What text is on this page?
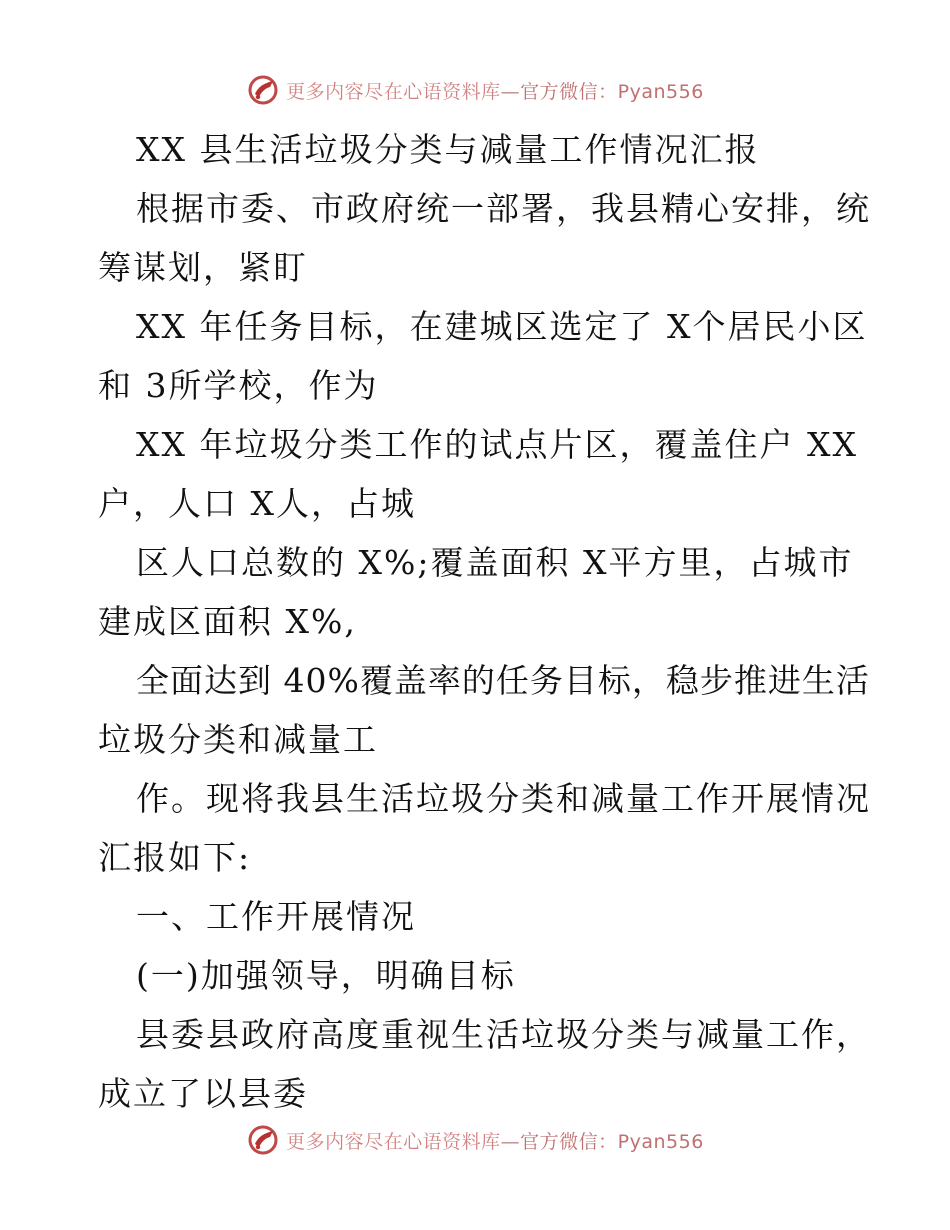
更多内容尽在心语资料库—官方微信：Pyan556
XX 县生活垃圾分类与减量工作情况汇报
根据市委、市政府统一部署，我县精心安排，统
筹谋划，紧盯
XX 年任务目标，在建城区选定了 X个居民小区
和 3所学校，作为
XX 年垃圾分类工作的试点片区，覆盖住户 XX
户，人口 X人，占城
区人口总数的 X%;覆盖面积 X平方里，占城市
建成区面积 X%,
全面达到 40%覆盖率的任务目标，稳步推进生活
垃圾分类和减量工
作。现将我县生活垃圾分类和减量工作开展情况
汇报如下:
一、工作开展情况
(一)加强领导，明确目标
县委县政府高度重视生活垃圾分类与减量工作，
成立了以县委
更多内容尽在心语资料库—官方微信：Pyan556
